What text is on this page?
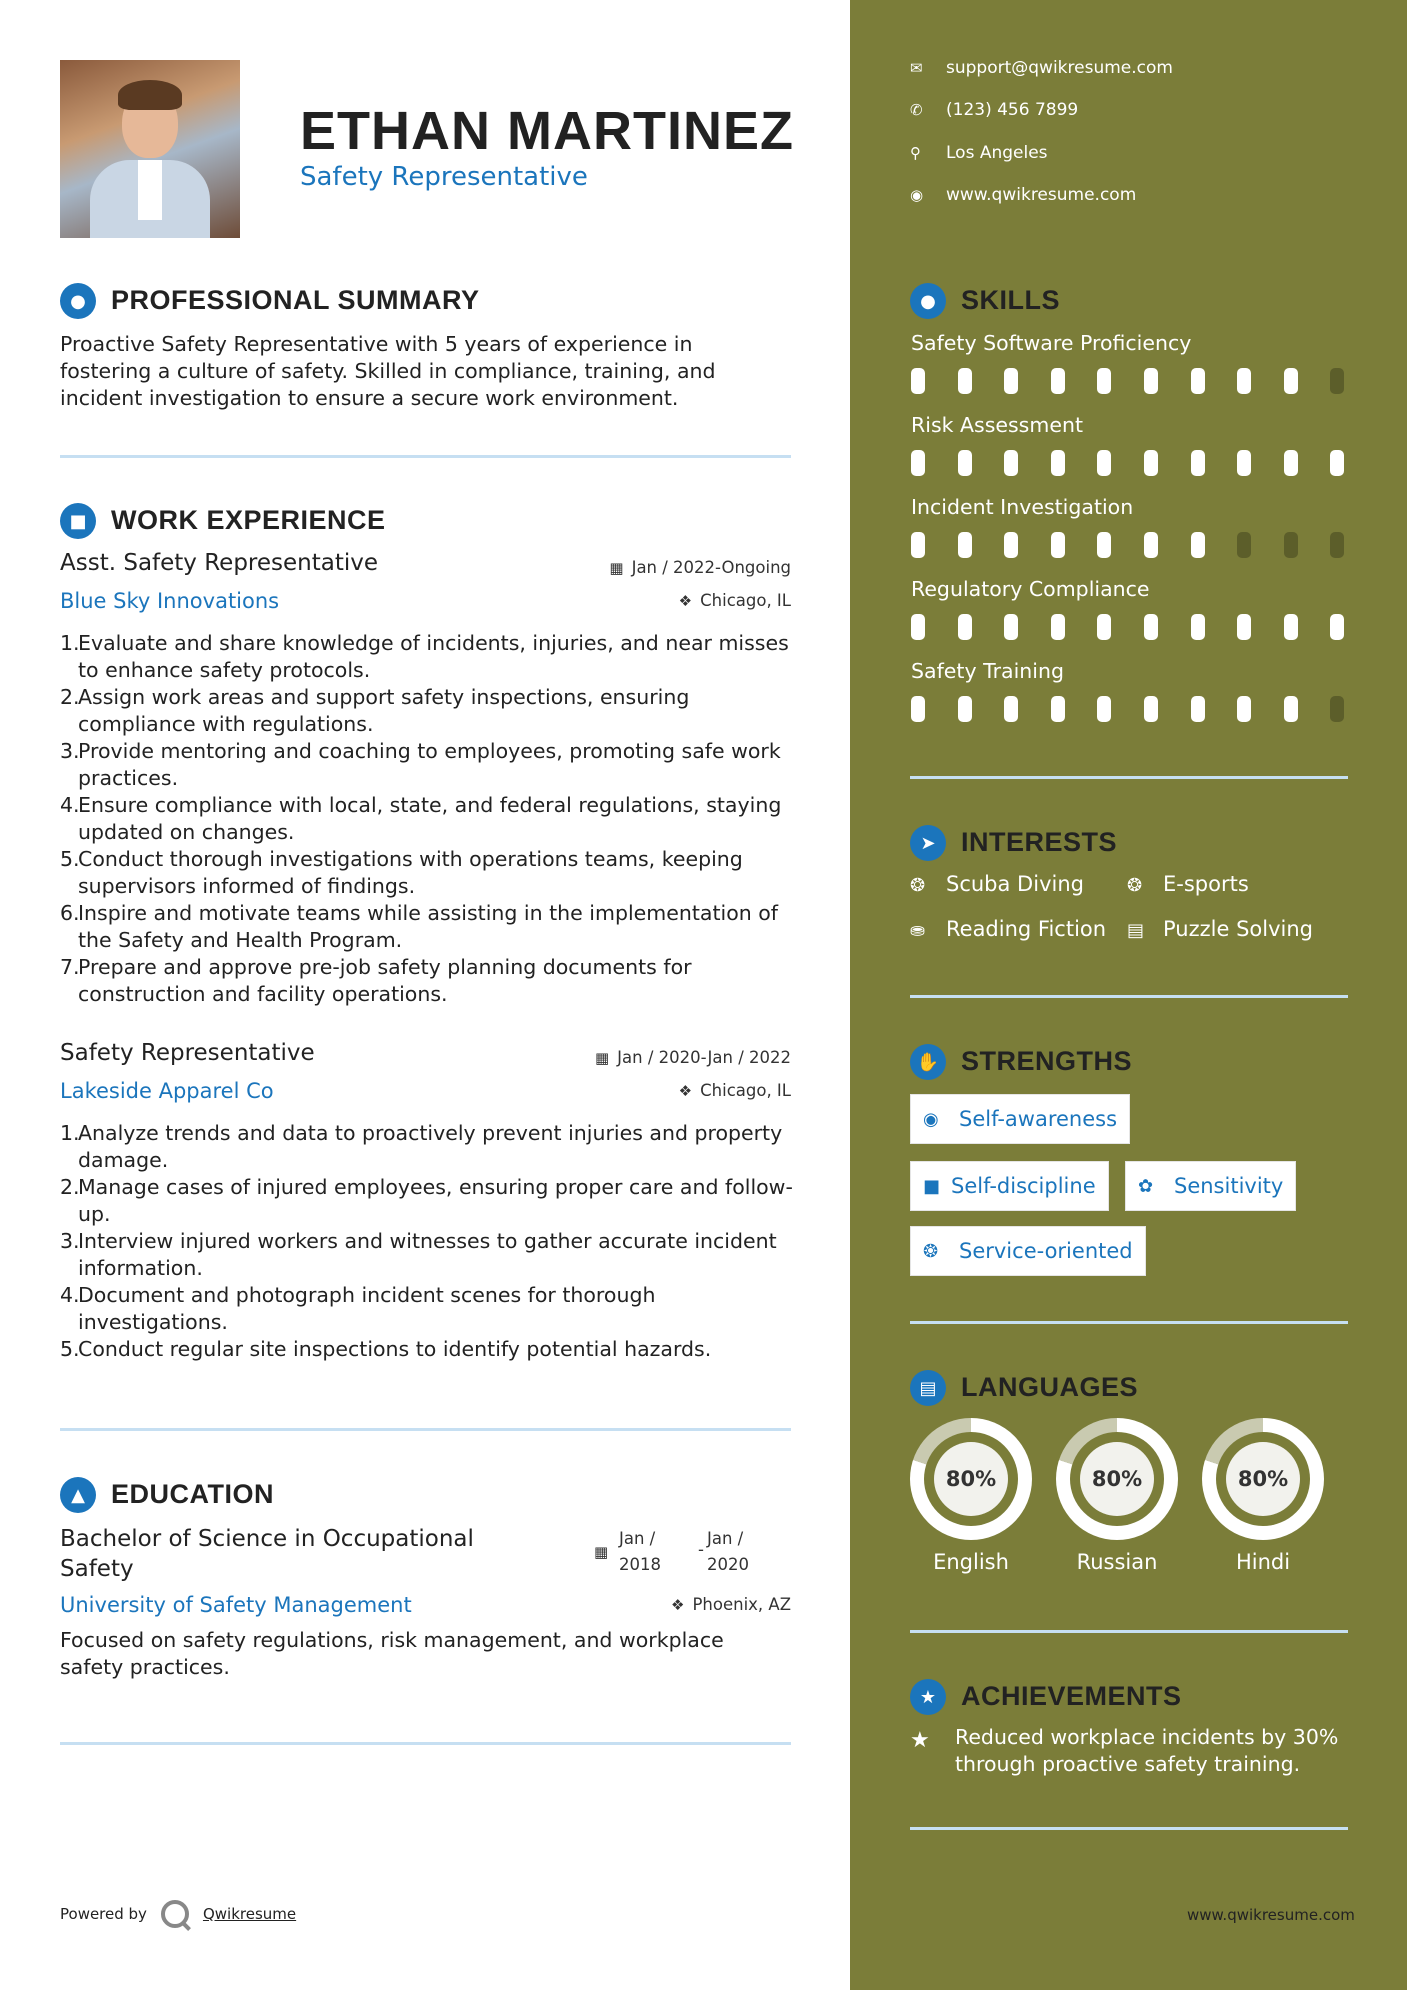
ETHAN MARTINEZ
Safety Representative
● PROFESSIONAL SUMMARY
Proactive Safety Representative with 5 years of experience in fostering a culture of safety. Skilled in compliance, training, and incident investigation to ensure a secure work environment.
■ WORK EXPERIENCE
Asst. Safety Representative	▦ Jan / 2022-Ongoing
Blue Sky Innovations	❖ Chicago, IL
1.
Evaluate and share knowledge of incidents, injuries, and near misses to enhance safety protocols.
2.
Assign work areas and support safety inspections, ensuring compliance with regulations.
3.
Provide mentoring and coaching to employees, promoting safe work practices.
4.
Ensure compliance with local, state, and federal regulations, staying updated on changes.
5.
Conduct thorough investigations with operations teams, keeping supervisors informed of findings.
6.
Inspire and motivate teams while assisting in the implementation of the Safety and Health Program.
7.
Prepare and approve pre-job safety planning documents for construction and facility operations.
Safety Representative	▦ Jan / 2020-Jan / 2022
Lakeside Apparel Co	❖ Chicago, IL
1.
Analyze trends and data to proactively prevent injuries and property damage.
2.
Manage cases of injured employees, ensuring proper care and follow-up.
3.
Interview injured workers and witnesses to gather accurate incident information.
4.
Document and photograph incident scenes for thorough investigations.
5.
Conduct regular site inspections to identify potential hazards.
▲ EDUCATION
Bachelor of Science in Occupational Safety
▦
Jan / 2018
-
Jan / 2020
University of Safety Management	❖ Phoenix, AZ
Focused on safety regulations, risk management, and workplace safety practices.
Powered by	Qwikresume	www.qwikresume.com
✉ support@qwikresume.com
✆ (123) 456 7899
⚲ Los Angeles
◉ www.qwikresume.com
● SKILLS
Safety Software Proficiency
Risk Assessment
Incident Investigation
Regulatory Compliance
Safety Training
➤ INTERESTS
❂ Scuba Diving ❂ E-sports
⛂ Reading Fiction ▤ Puzzle Solving
✋ STRENGTHS
◉ Self-awareness
■ Self-discipline ✿ Sensitivity
❂ Service-oriented
▤ LANGUAGES
80%
English
80%
Russian
80%
Hindi
★ ACHIEVEMENTS
★ Reduced workplace incidents by 30% through proactive safety training.
